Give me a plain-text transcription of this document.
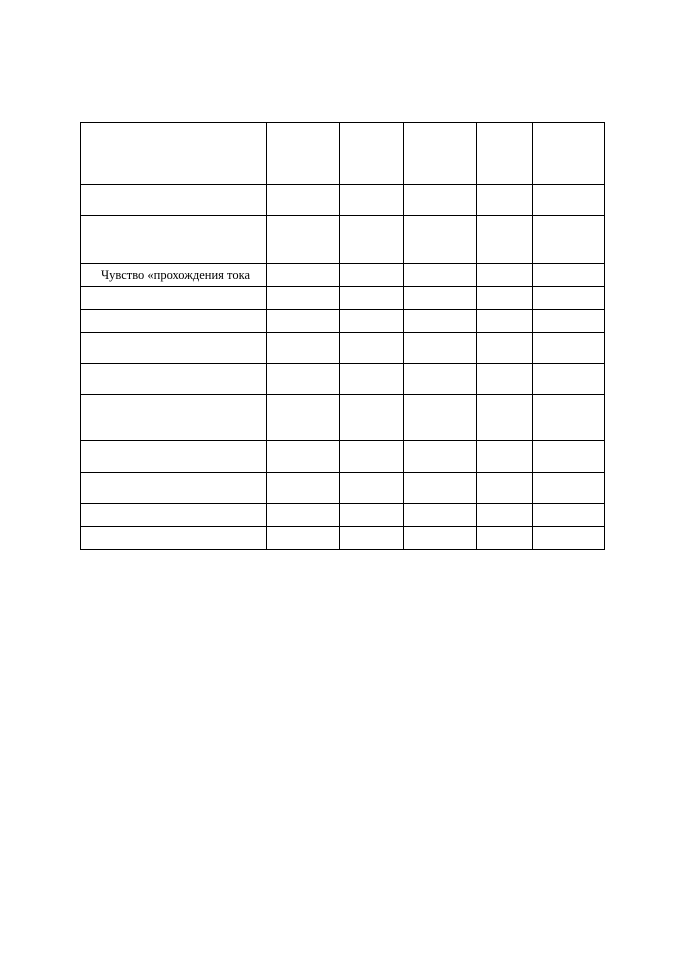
Чувство «прохождения тока					
